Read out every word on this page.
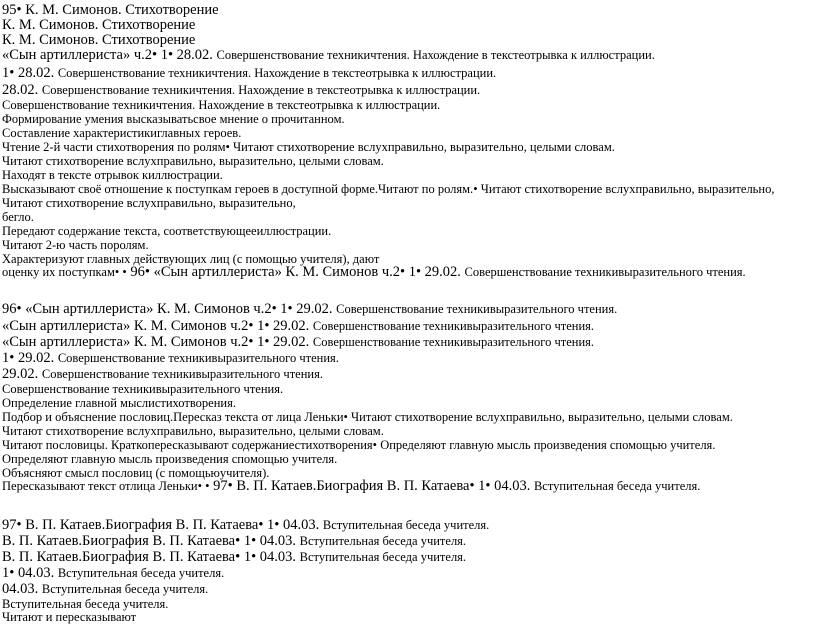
95• К. М. Симонов. Стихотворение
К. М. Симонов. Стихотворение
К. М. Симонов. Стихотворение
«Сын артиллериста» ч.2• 1• 28.02. Совершенствование техникичтения. Нахождение в текстеотрывка к иллюстрации.
1• 28.02. Совершенствование техникичтения. Нахождение в текстеотрывка к иллюстрации.
28.02. Совершенствование техникичтения. Нахождение в текстеотрывка к иллюстрации.
Совершенствование техникичтения. Нахождение в текстеотрывка к иллюстрации.
Формирование умения высказыватьсвое мнение о прочитанном.
Составление характеристикиглавных героев.
Чтение 2-й части стихотворения по ролям• Читают стихотворение вслухправильно, выразительно, целыми словам.
Читают стихотворение вслухправильно, выразительно, целыми словам.
Находят в тексте отрывок киллюстрации.
Высказывают своё отношение к поступкам героев в доступной форме.Читают по ролям.• Читают стихотворение вслухправильно, выразительно,
Читают стихотворение вслухправильно, выразительно,
бегло.
Передают содержание текста, соответствующееиллюстрации.
Читают 2-ю часть поролям.
Характеризуют главных действующих лиц (с помощью учителя), дают
оценку их поступкам• • 96• «Сын артиллериста» К. М. Симонов ч.2• 1• 29.02. Совершенствование техникивыразительного чтения.
96• «Сын артиллериста» К. М. Симонов ч.2• 1• 29.02. Совершенствование техникивыразительного чтения.
«Сын артиллериста» К. М. Симонов ч.2• 1• 29.02. Совершенствование техникивыразительного чтения.
«Сын артиллериста» К. М. Симонов ч.2• 1• 29.02. Совершенствование техникивыразительного чтения.
1• 29.02. Совершенствование техникивыразительного чтения.
29.02. Совершенствование техникивыразительного чтения.
Совершенствование техникивыразительного чтения.
Определение главной мыслистихотворения.
Подбор и объяснение пословиц.Пересказ текста от лица Леньки• Читают стихотворение вслухправильно, выразительно, целыми словам.
Читают стихотворение вслухправильно, выразительно, целыми словам.
Читают пословицы. Краткопересказывают содержаниестихотворения• Определяют главную мысль произведения спомощью учителя.
Определяют главную мысль произведения спомощью учителя.
Объясняют смысл пословиц (с помощьюучителя).
Пересказывают текст отлица Леньки• • 97• В. П. Катаев.Биография В. П. Катаева• 1• 04.03. Вступительная беседа учителя.
97• В. П. Катаев.Биография В. П. Катаева• 1• 04.03. Вступительная беседа учителя.
В. П. Катаев.Биография В. П. Катаева• 1• 04.03. Вступительная беседа учителя.
В. П. Катаев.Биография В. П. Катаева• 1• 04.03. Вступительная беседа учителя.
1• 04.03. Вступительная беседа учителя.
04.03. Вступительная беседа учителя.
Вступительная беседа учителя.
Читают и пересказывают
